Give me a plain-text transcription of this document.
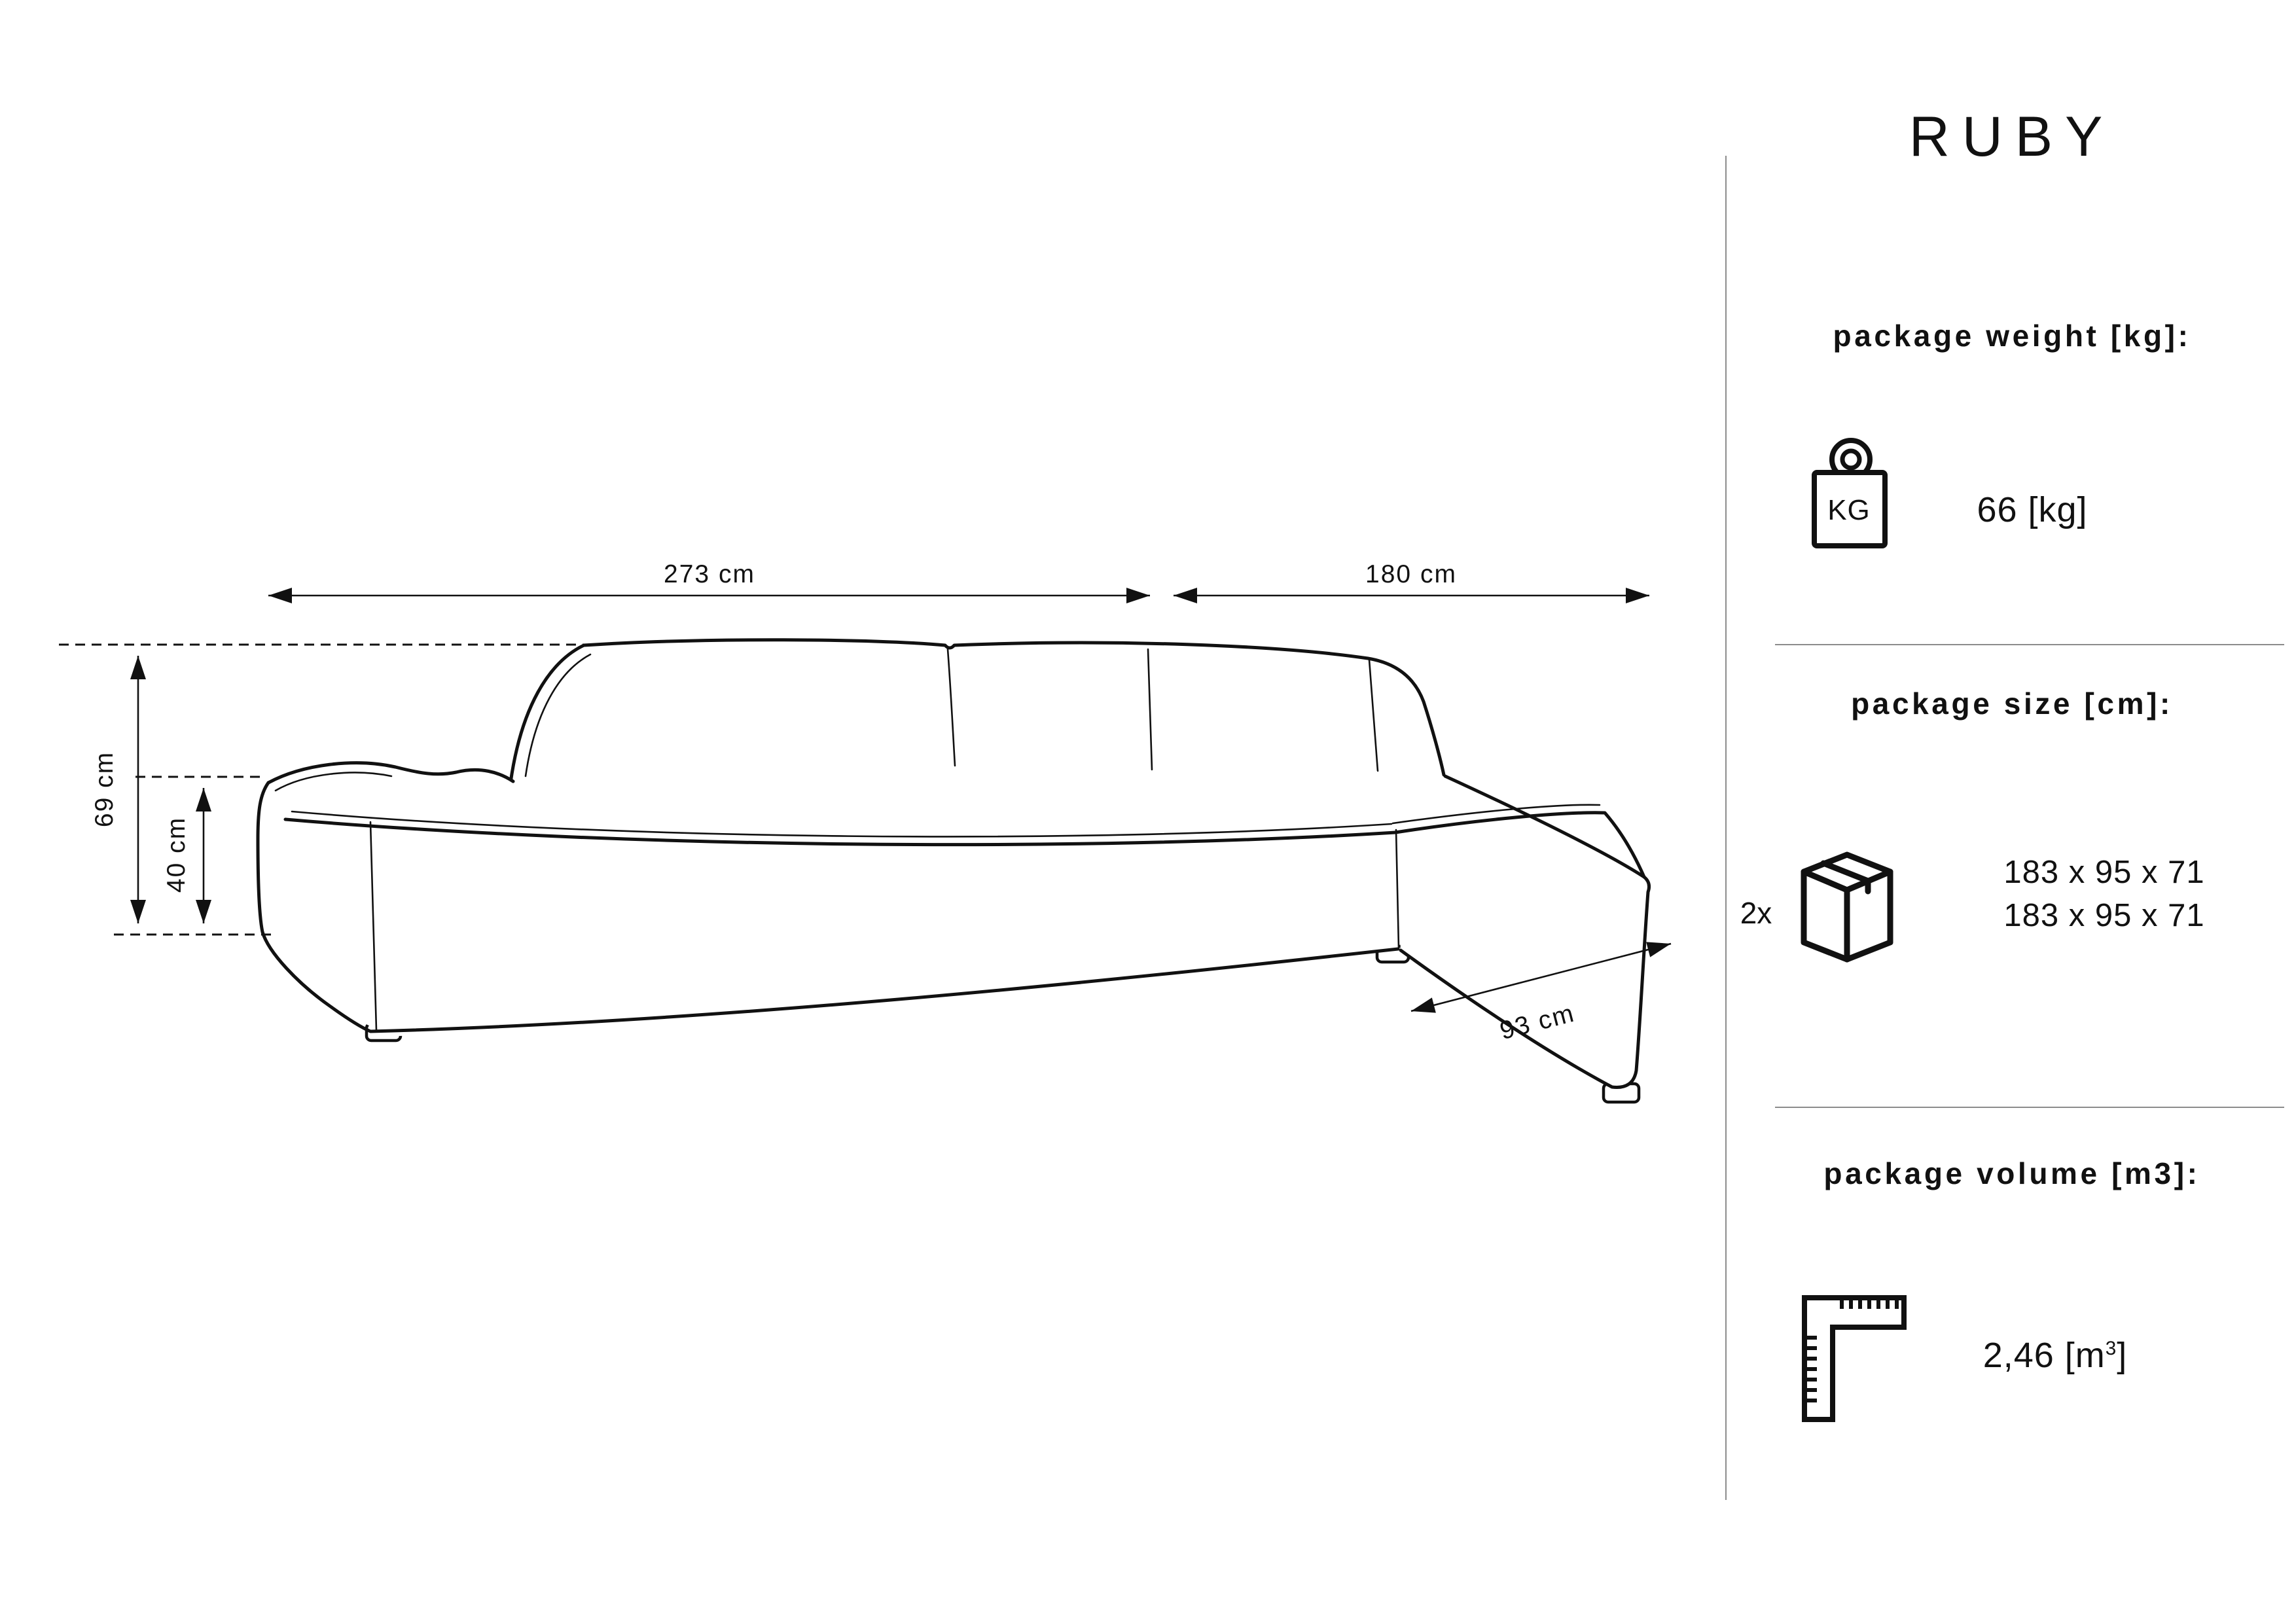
273 cm	180 cm
69 cm
40 cm
93 cm
RUBY
package weight [kg]:
KG	66 [kg]
package size [cm]:
2x
183 x 95 x 71
183 x 95 x 71
package volume [m3]:
2,46 $[m^3]$
